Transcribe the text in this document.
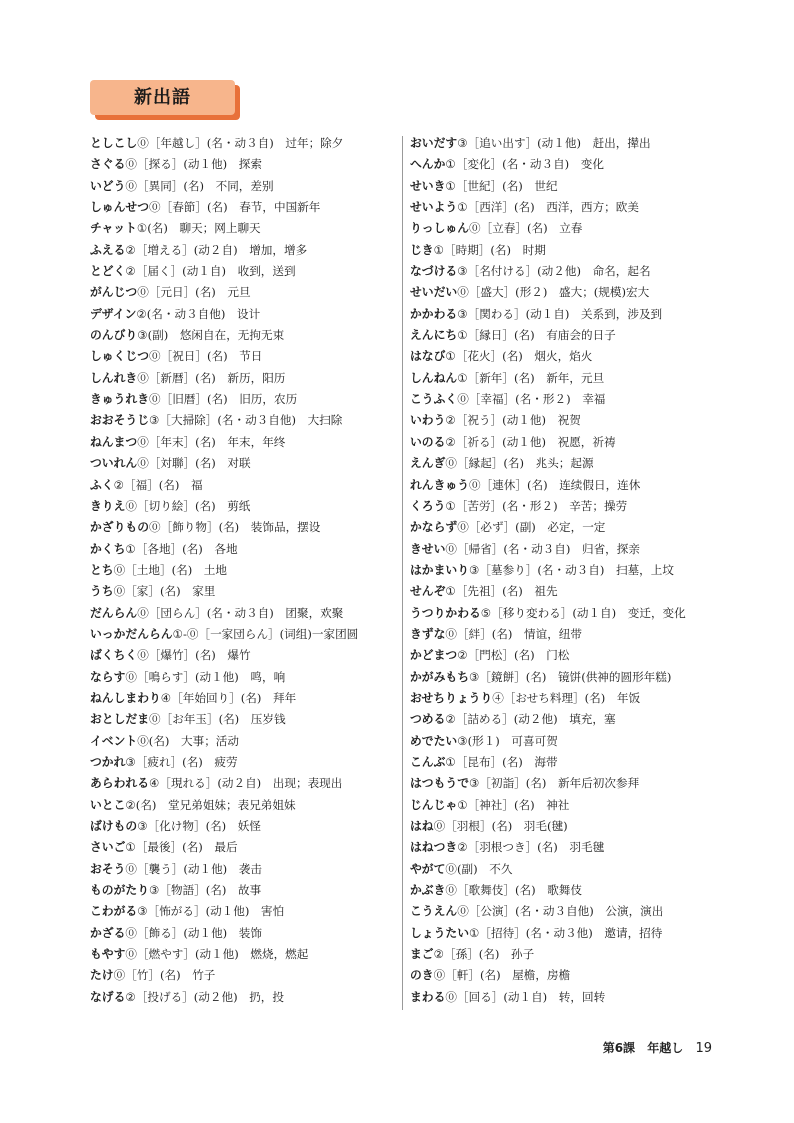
新出語
としこし⓪［年越し］(名・动３自)　过年；除夕
さぐる⓪［探る］(动１他)　探索
いどう⓪［異同］(名)　不同，差别
しゅんせつ⓪［春節］(名)　春节，中国新年
チャット①(名)　聊天；网上聊天
ふえる②［増える］(动２自)　增加，增多
とどく②［届く］(动１自)　收到，送到
がんじつ⓪［元日］(名)　元旦
デザイン②(名・动３自他)　设计
のんびり③(副)　悠闲自在，无拘无束
しゅくじつ⓪［祝日］(名)　节日
しんれき⓪［新暦］(名)　新历，阳历
きゅうれき⓪［旧暦］(名)　旧历，农历
おおそうじ③［大掃除］(名・动３自他)　大扫除
ねんまつ⓪［年末］(名)　年末，年终
ついれん⓪［対聯］(名)　对联
ふく②［福］(名)　福
きりえ⓪［切り絵］(名)　剪纸
かざりもの⓪［飾り物］(名)　装饰品，摆设
かくち①［各地］(名)　各地
とち⓪［土地］(名)　土地
うち⓪［家］(名)　家里
だんらん⓪［団らん］(名・动３自)　团聚，欢聚
いっかだんらん①-⓪［一家団らん］(词组)一家团圆
ばくちく⓪［爆竹］(名)　爆竹
ならす⓪［鳴らす］(动１他)　鸣，响
ねんしまわり④［年始回り］(名)　拜年
おとしだま⓪［お年玉］(名)　压岁钱
イベント⓪(名)　大事；活动
つかれ③［疲れ］(名)　疲劳
あらわれる④［現れる］(动２自)　出现；表现出
いとこ②(名)　堂兄弟姐妹；表兄弟姐妹
ばけもの③［化け物］(名)　妖怪
さいご①［最後］(名)　最后
おそう⓪［襲う］(动１他)　袭击
ものがたり③［物語］(名)　故事
こわがる③［怖がる］(动１他)　害怕
かざる⓪［飾る］(动１他)　装饰
もやす⓪［燃やす］(动１他)　燃烧，燃起
たけ⓪［竹］(名)　竹子
なげる②［投げる］(动２他)　扔，投
おいだす③［追い出す］(动１他)　赶出，撵出
へんか①［変化］(名・动３自)　变化
せいき①［世紀］(名)　世纪
せいよう①［西洋］(名)　西洋，西方；欧美
りっしゅん⓪［立春］(名)　立春
じき①［時期］(名)　时期
なづける③［名付ける］(动２他)　命名，起名
せいだい⓪［盛大］(形２)　盛大；(规模)宏大
かかわる③［関わる］(动１自)　关系到，涉及到
えんにち①［縁日］(名)　有庙会的日子
はなび①［花火］(名)　烟火，焰火
しんねん①［新年］(名)　新年，元旦
こうふく⓪［幸福］(名・形２)　幸福
いわう②［祝う］(动１他)　祝贺
いのる②［祈る］(动１他)　祝愿，祈祷
えんぎ⓪［縁起］(名)　兆头；起源
れんきゅう⓪［連休］(名)　连续假日，连休
くろう①［苦労］(名・形２)　辛苦；操劳
かならず⓪［必ず］(副)　必定，一定
きせい⓪［帰省］(名・动３自)　归省，探亲
はかまいり③［墓参り］(名・动３自)　扫墓，上坟
せんぞ①［先祖］(名)　祖先
うつりかわる⑤［移り変わる］(动１自)　变迁，变化
きずな⓪［絆］(名)　情谊，纽带
かどまつ②［門松］(名)　门松
かがみもち③［鏡餅］(名)　镜饼(供神的圆形年糕)
おせちりょうり④［おせち料理］(名)　年饭
つめる②［詰める］(动２他)　填充，塞
めでたい③(形１)　可喜可贺
こんぶ①［昆布］(名)　海带
はつもうで③［初詣］(名)　新年后初次参拜
じんじゃ①［神社］(名)　神社
はね⓪［羽根］(名)　羽毛(毽)
はねつき②［羽根つき］(名)　羽毛毽
やがて⓪(副)　不久
かぶき⓪［歌舞伎］(名)　歌舞伎
こうえん⓪［公演］(名・动３自他)　公演，演出
しょうたい①［招待］(名・动３他)　邀请，招待
まご②［孫］(名)　孙子
のき⓪［軒］(名)　屋檐，房檐
まわる⓪［回る］(动１自)　转，回转
第6課 年越し 19
